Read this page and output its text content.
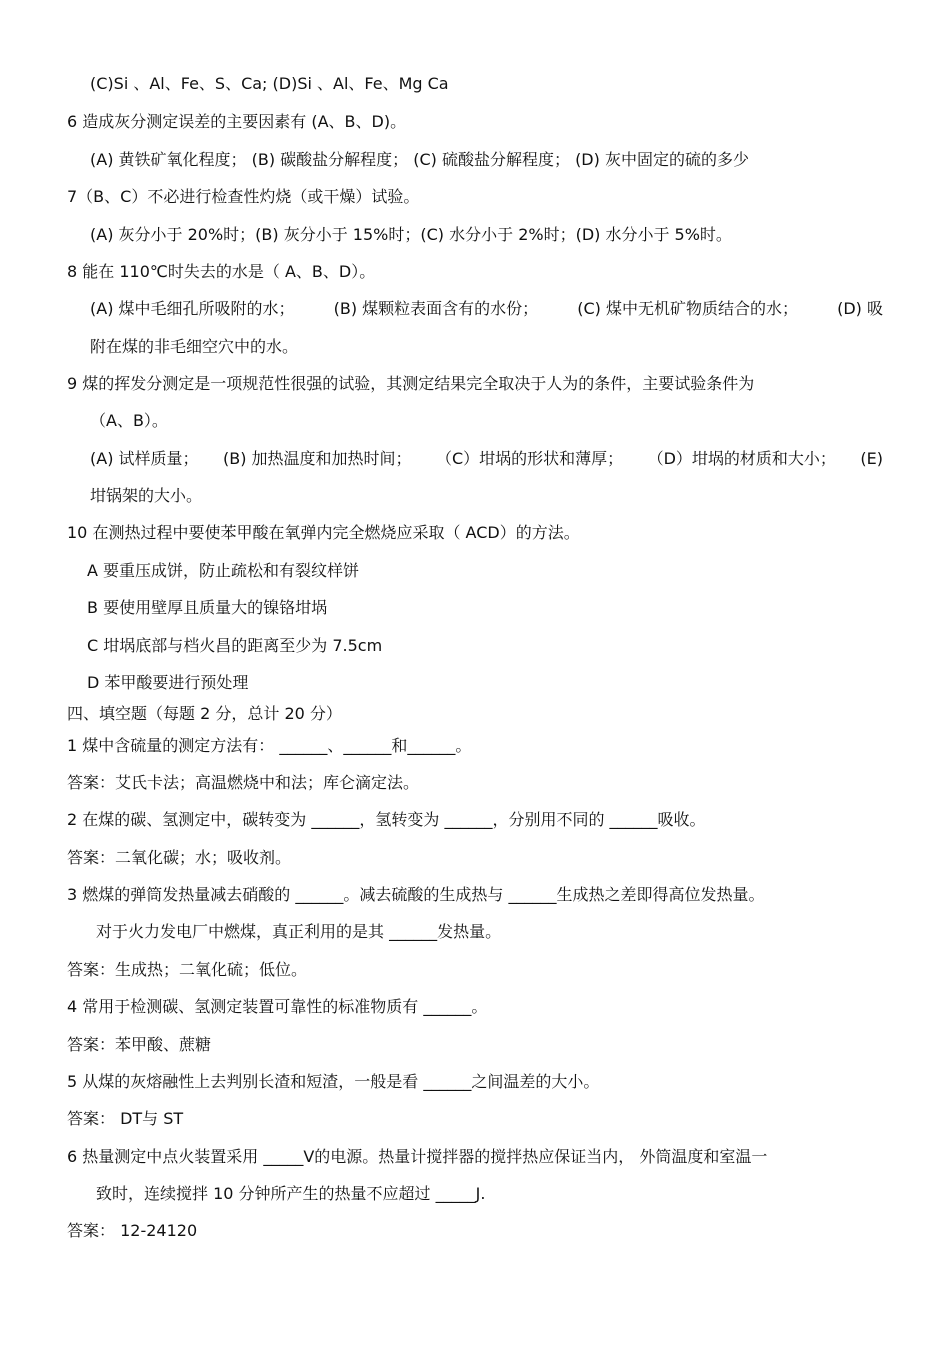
(C)Si 、Al、Fe、S、Ca; (D)Si 、Al、Fe、Mg Ca
6 造成灰分测定误差的主要因素有 (A、B、D)。
(A) 黄铁矿氧化程度； (B) 碳酸盐分解程度； (C) 硫酸盐分解程度； (D) 灰中固定的硫的多少
7（B、C）不必进行检查性灼烧（或干燥）试验。
(A) 灰分小于 20%时；(B) 灰分小于 15%时；(C) 水分小于 2%时；(D) 水分小于 5%时。
8 能在 110℃时失去的水是（ A、B、D）。
(A) 煤中毛细孔所吸附的水； (B) 煤颗粒表面含有的水份； (C) 煤中无机矿物质结合的水； (D) 吸
附在煤的非毛细空穴中的水。
9 煤的挥发分测定是一项规范性很强的试验，其测定结果完全取决于人为的条件，主要试验条件为
（A、B）。
(A) 试样质量； (B) 加热温度和加热时间； （C）坩埚的形状和薄厚； （D）坩埚的材质和大小； (E)
坩锅架的大小。
10 在测热过程中要使苯甲酸在氧弹内完全燃烧应采取（ ACD）的方法。
A 要重压成饼，防止疏松和有裂纹样饼
B 要使用壁厚且质量大的镍铬坩埚
C 坩埚底部与档火昌的距离至少为 7.5cm
D 苯甲酸要进行预处理
四、填空题（每题 2 分，总计 20 分）
1 煤中含硫量的测定方法有： ______、______和______。
答案：艾氏卡法；高温燃烧中和法；库仑滴定法。
2 在煤的碳、氢测定中，碳转变为 ______，氢转变为 ______，分别用不同的 ______吸收。
答案：二氧化碳；水；吸收剂。
3 燃煤的弹筒发热量减去硝酸的 ______。减去硫酸的生成热与 ______生成热之差即得高位发热量。
对于火力发电厂中燃煤，真正利用的是其 ______发热量。
答案：生成热；二氧化硫；低位。
4 常用于检测碳、氢测定装置可靠性的标准物质有 ______。
答案：苯甲酸、蔗糖
5 从煤的灰熔融性上去判别长渣和短渣，一般是看 ______之间温差的大小。
答案： DT与 ST
6 热量测定中点火装置采用 _____V的电源。热量计搅拌器的搅拌热应保证当内， 外筒温度和室温一
致时，连续搅拌 10 分钟所产生的热量不应超过 _____J.
答案： 12-24120
